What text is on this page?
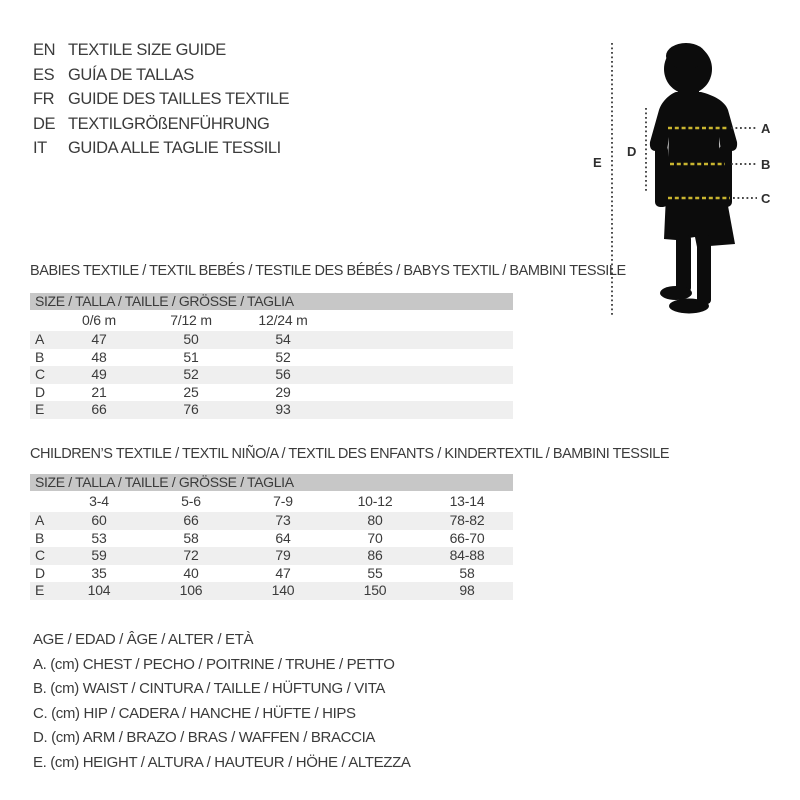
EN TEXTILE SIZE GUIDE
ES GUÍA DE TALLAS
FR GUIDE DES TAILLES TEXTILE
DE TEXTILGRÖßENFÜHRUNG
IT	GUIDA ALLE TAGLIE TESSILI
E
D
A
B
C
BABIES TEXTILE / TEXTIL BEBÉS / TESTILE DES BÉBÉS / BABYS TEXTIL / BAMBINI TESSILE
SIZE / TALLA / TAILLE / GRÖSSE / TAGLIA
	0/6 m	7/12 m	12/24 m	
A	47	50	54	
B	48	51	52	
C	49	52	56	
D	21	25	29	
E	66	76	93	
CHILDREN’S TEXTILE / TEXTIL NIÑO/A / TEXTIL DES ENFANTS / KINDERTEXTIL / BAMBINI TESSILE
SIZE / TALLA / TAILLE / GRÖSSE / TAGLIA
	3-4	5-6	7-9	10-12	13-14
A	60	66	73	80	78-82
B	53	58	64	70	66-70
C	59	72	79	86	84-88
D	35	40	47	55	58
E	104	106	140	150	98
AGE / EDAD / ÂGE / ALTER / ETÀ
A. (cm) CHEST / PECHO / POITRINE / TRUHE / PETTO
B. (cm) WAIST / CINTURA / TAILLE / HÜFTUNG / VITA
C. (cm) HIP / CADERA / HANCHE / HÜFTE / HIPS
D. (cm) ARM / BRAZO / BRAS / WAFFEN / BRACCIA
E. (cm) HEIGHT / ALTURA / HAUTEUR / HÖHE / ALTEZZA
